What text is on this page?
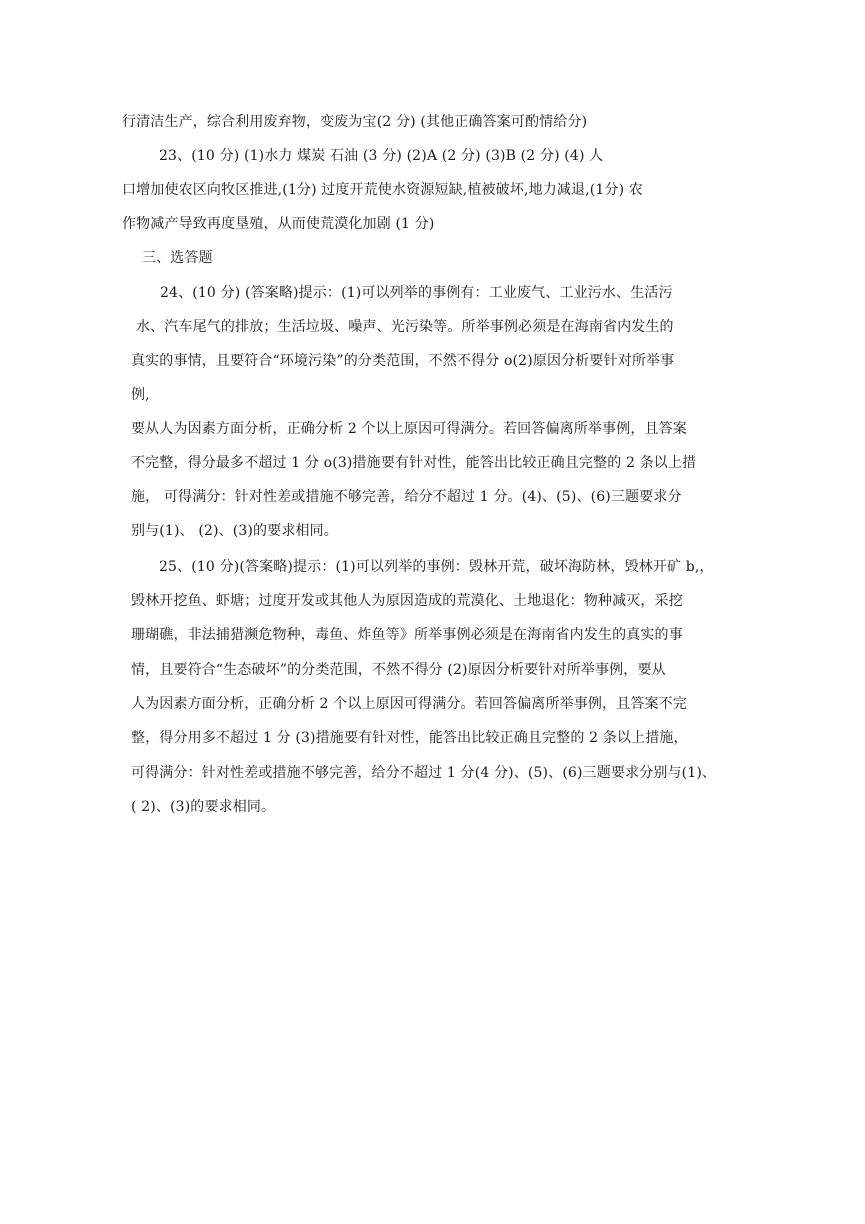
行清洁生产，综合利用废弃物，变废为宝(2 分) (其他正确答案可酌情给分)
23、(10 分) (1)水力 煤炭 石油 (3 分) (2)A (2 分) (3)B (2 分) (4) 人
口增加使农区向牧区推进,(1分) 过度开荒使水资源短缺,植被破坏,地力减退,(1分) 农
作物减产导致再度垦殖，从而使荒漠化加剧 (1 分)
三、选答题
24、(10 分) (答案略)提示：(1)可以列举的事例有：工业废气、工业污水、生活污
水、汽车尾气的排放；生活垃圾、噪声、光污染等。所举事例必须是在海南省内发生的
真实的事情，且要符合“环境污染”的分类范围，不然不得分 o(2)原因分析要针对所举事
例,
要从人为因素方面分析，正确分析 2 个以上原因可得满分。若回答偏离所举事例，且答案
不完整，得分最多不超过 1 分 o(3)措施要有针对性，能答出比较正确且完整的 2 条以上措
施， 可得满分：针对性差或措施不够完善，给分不超过 1 分。(4)、(5)、(6)三题要求分
别与(1)、 (2)、(3)的要求相同。
25、(10 分)(答案略)提示：(1)可以列举的事例：毁林开荒，破坏海防林，毁林开矿 b,，
毁林开挖鱼、虾塘；过度开发或其他人为原因造成的荒漠化、土地退化：物种减灭，采挖
珊瑚礁，非法捕猎濒危物种，毒鱼、炸鱼等》所举事例必须是在海南省内发生的真实的事
情，且要符合“生态破坏”的分类范围，不然不得分 (2)原因分析要针对所举事例，要从
人为因素方面分析，正确分析 2 个以上原因可得满分。若回答偏离所举事例，且答案不完
整，得分用多不超过 1 分 (3)措施要有针对性，能答出比较正确且完整的 2 条以上措施，
可得满分：针对性差或措施不够完善，给分不超过 1 分(4 分)、(5)、(6)三题要求分别与(1)、
( 2)、(3)的要求相同。
